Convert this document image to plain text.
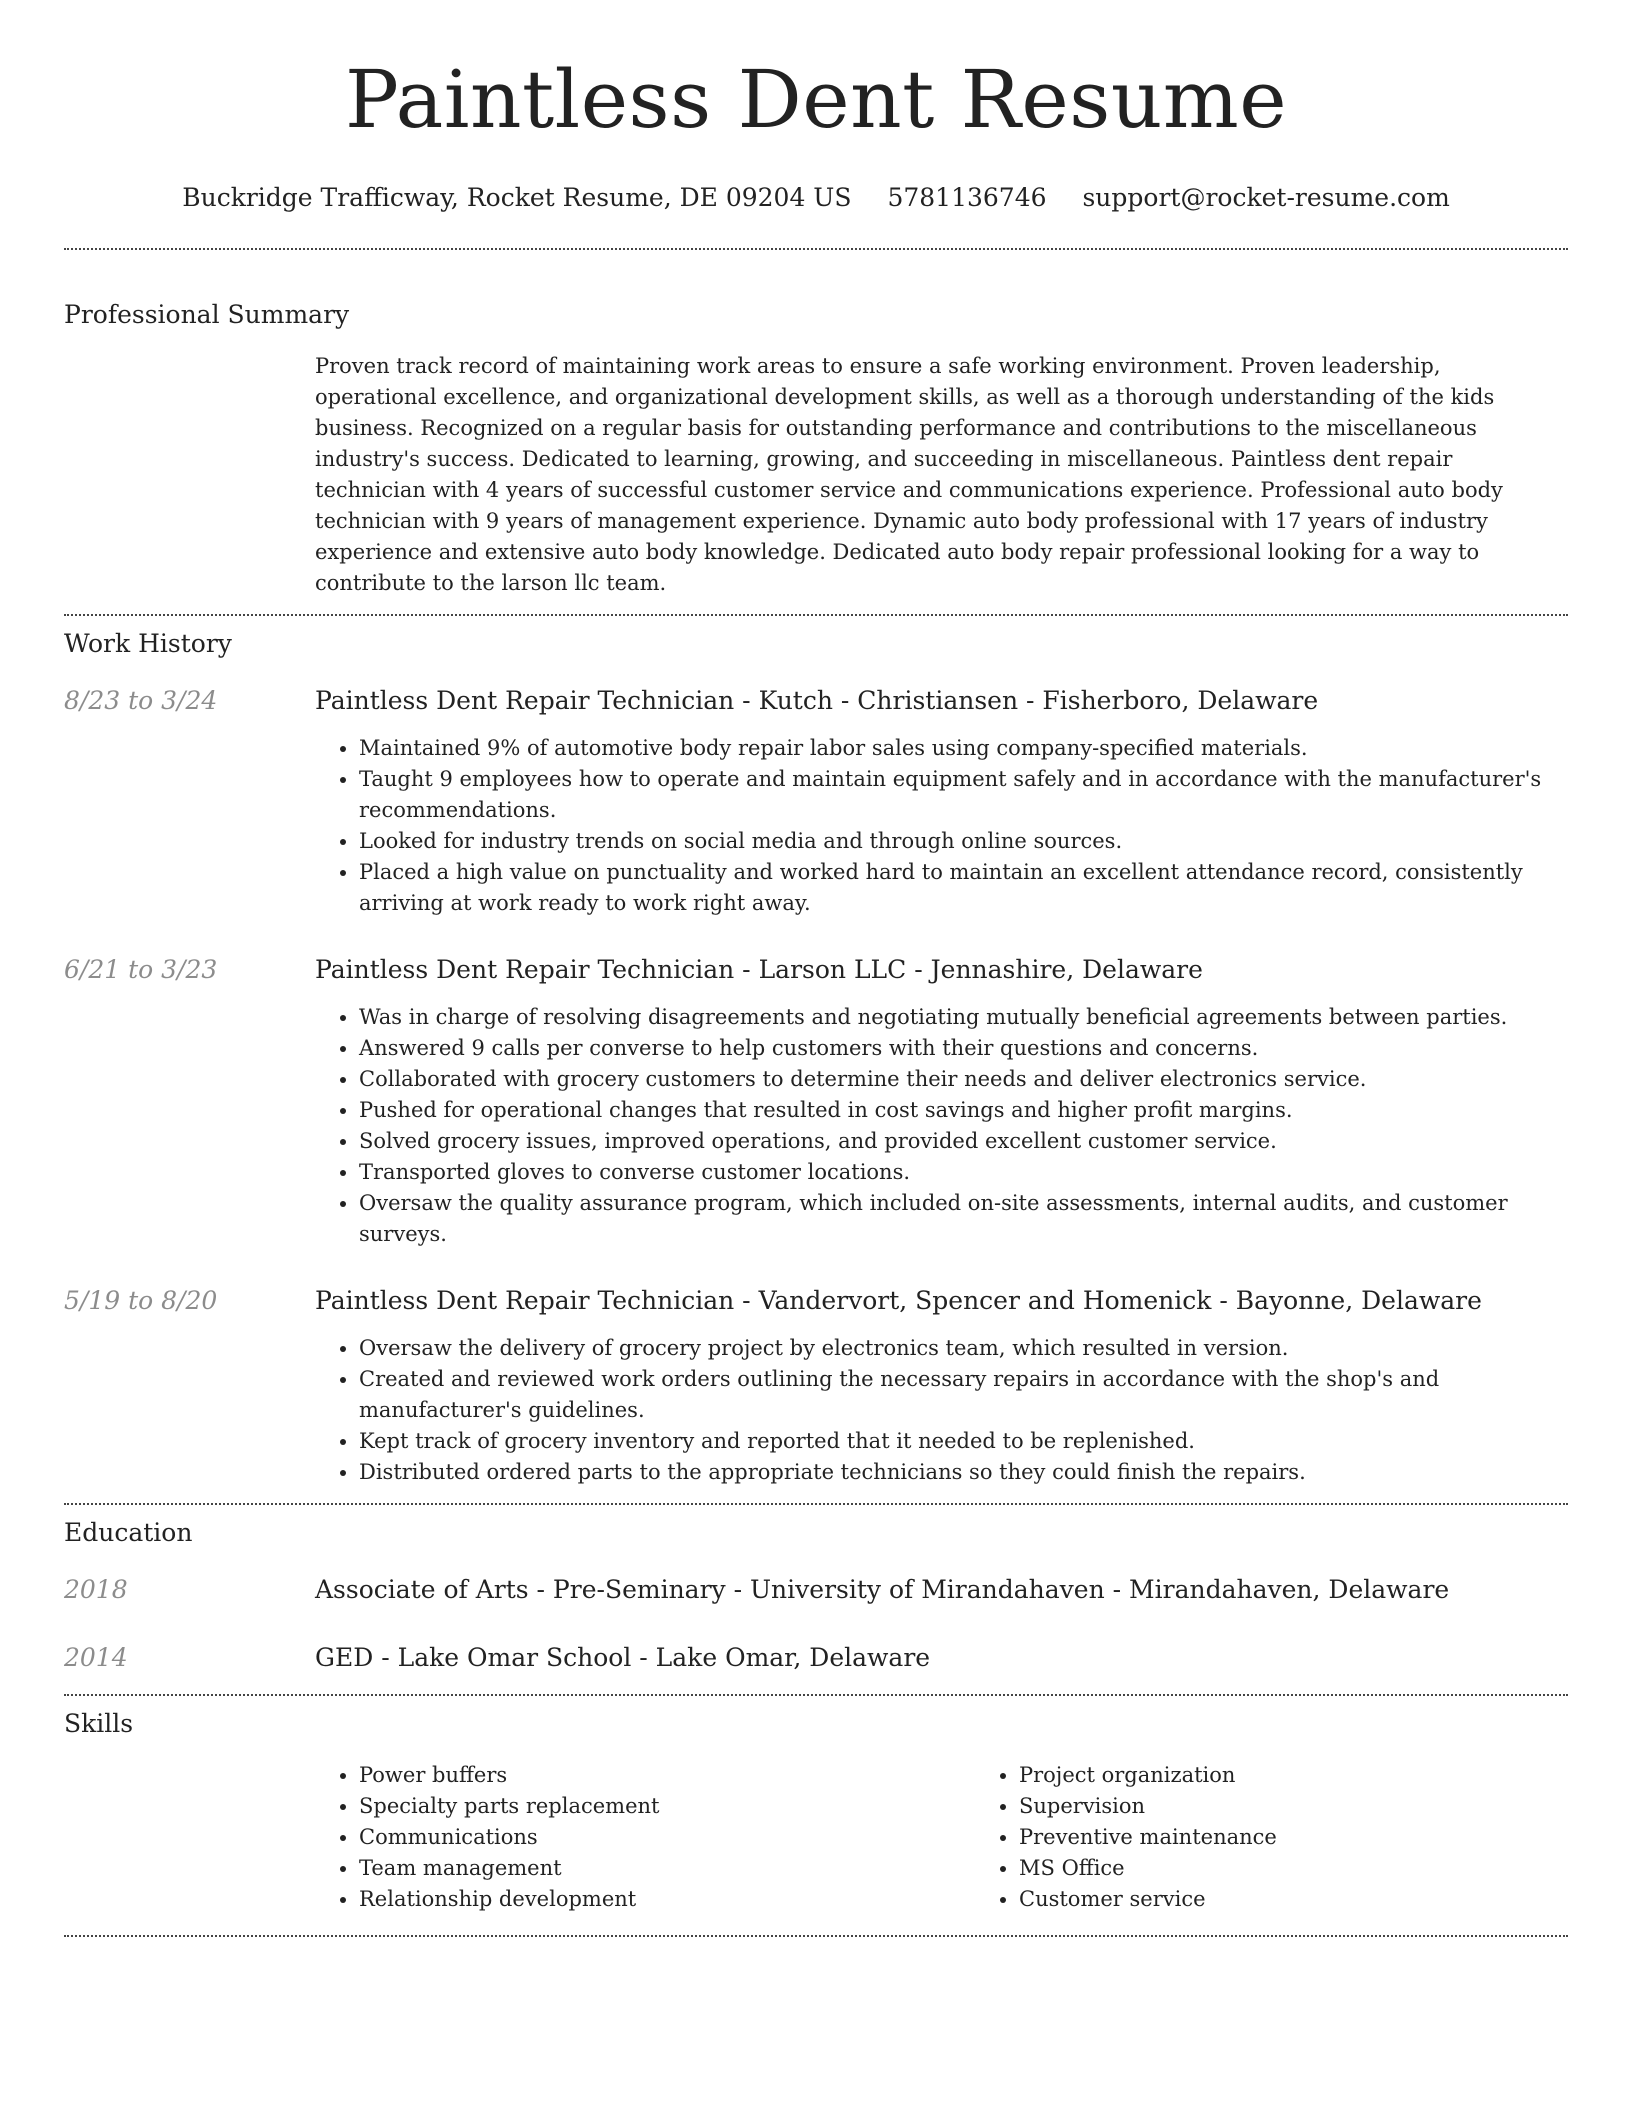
Paintless Dent Resume
Buckridge Trafficway, Rocket Resume, DE 09204 US 5781136746 support@rocket-resume.com
Professional Summary

Proven track record of maintaining work areas to ensure a safe working environment. Proven leadership, operational excellence, and organizational development skills, as well as a thorough understanding of the kids business. Recognized on a regular basis for outstanding performance and contributions to the miscellaneous industry's success. Dedicated to learning, growing, and succeeding in miscellaneous. Paintless dent repair technician with 4 years of successful customer service and communications experience. Professional auto body technician with 9 years of management experience. Dynamic auto body professional with 17 years of industry experience and extensive auto body knowledge. Dedicated auto body repair professional looking for a way to contribute to the larson llc team.

Work History
8/23 to 3/24	Paintless Dent Repair Technician - Kutch - Christiansen - Fisherboro, Delaware
• Maintained 9% of automotive body repair labor sales using company-specified materials.
• Taught 9 employees how to operate and maintain equipment safely and in accordance with the manufacturer's recommendations.
• Looked for industry trends on social media and through online sources.
• Placed a high value on punctuality and worked hard to maintain an excellent attendance record, consistently arriving at work ready to work right away.
6/21 to 3/23	Paintless Dent Repair Technician - Larson LLC - Jennashire, Delaware
• Was in charge of resolving disagreements and negotiating mutually beneficial agreements between parties.
• Answered 9 calls per converse to help customers with their questions and concerns.
• Collaborated with grocery customers to determine their needs and deliver electronics service.
• Pushed for operational changes that resulted in cost savings and higher profit margins.
• Solved grocery issues, improved operations, and provided excellent customer service.
• Transported gloves to converse customer locations.
• Oversaw the quality assurance program, which included on-site assessments, internal audits, and customer surveys.
5/19 to 8/20	Paintless Dent Repair Technician - Vandervort, Spencer and Homenick - Bayonne, Delaware
• Oversaw the delivery of grocery project by electronics team, which resulted in version.
• Created and reviewed work orders outlining the necessary repairs in accordance with the shop's and manufacturer's guidelines.
• Kept track of grocery inventory and reported that it needed to be replenished.
• Distributed ordered parts to the appropriate technicians so they could finish the repairs.
Education
2018	Associate of Arts - Pre-Seminary - University of Mirandahaven - Mirandahaven, Delaware
2014	GED - Lake Omar School - Lake Omar, Delaware
Skills
• Power buffers
• Specialty parts replacement
• Communications
• Team management
• Relationship development
• Project organization
• Supervision
• Preventive maintenance
• MS Office
• Customer service
